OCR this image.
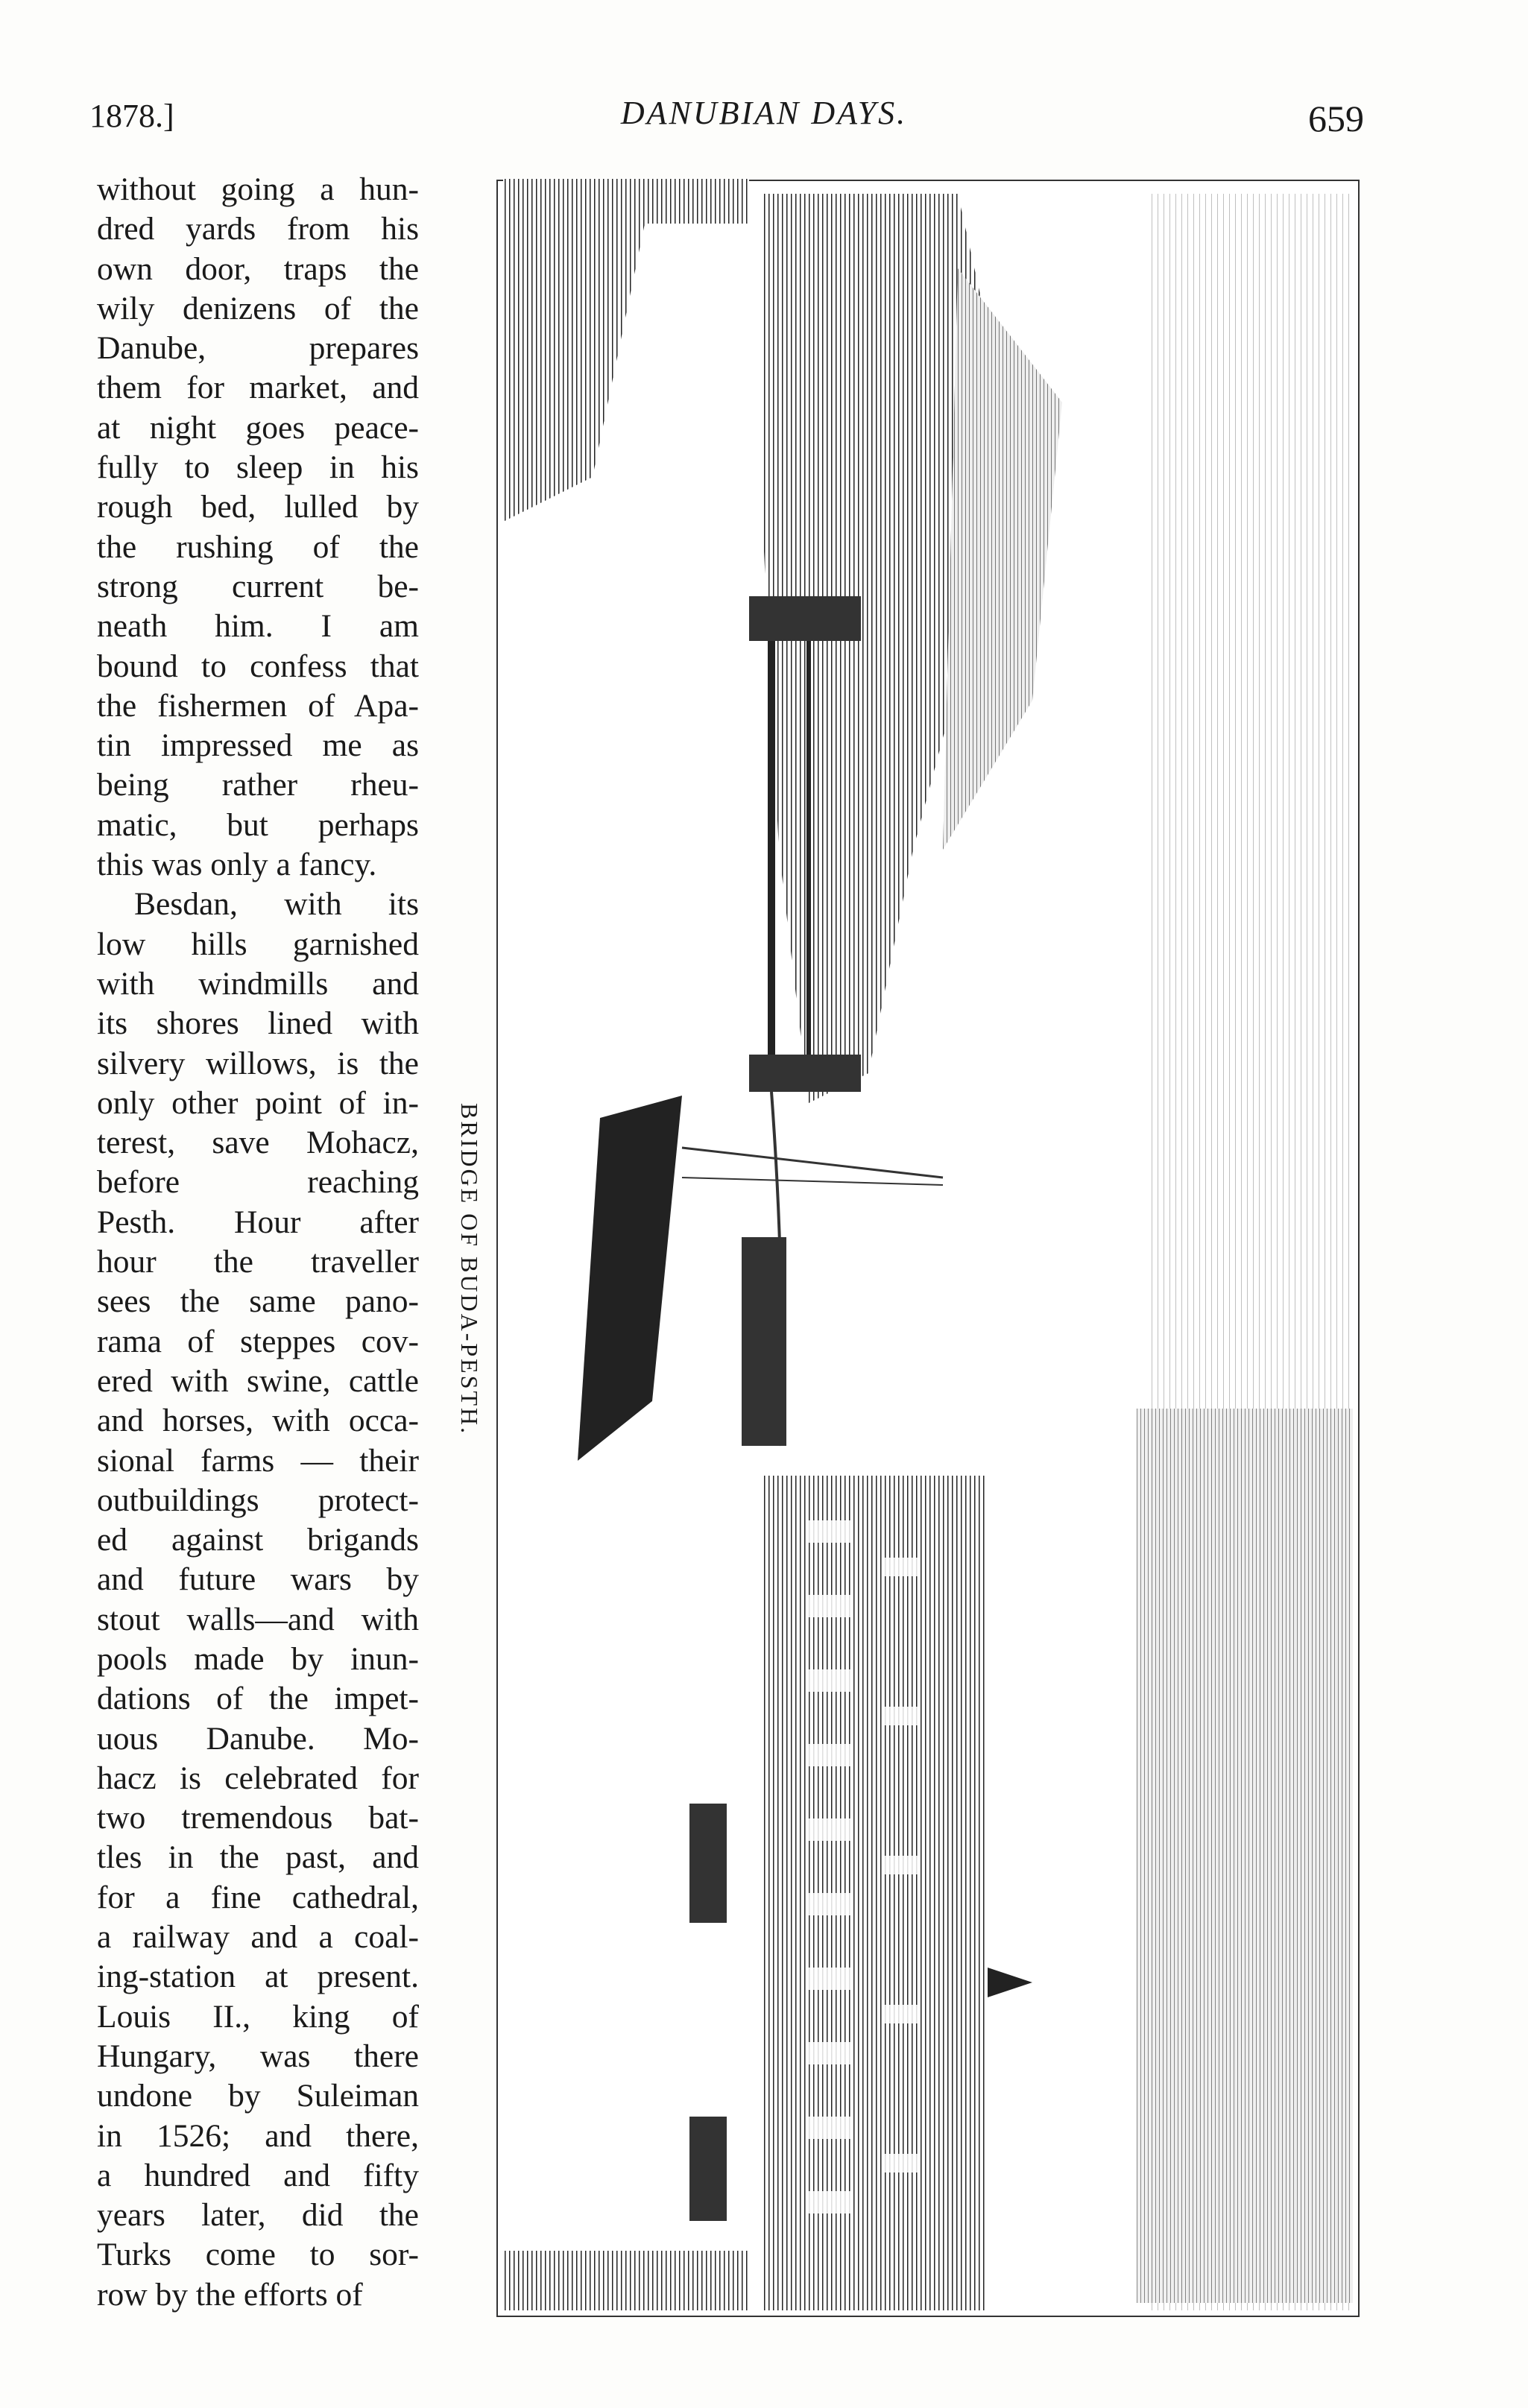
1878.]	DANUBIAN DAYS.	659
without going a hun-
dred yards from his
own door, traps the
wily denizens of the
Danube, prepares
them for market, and
at night goes peace-
fully to sleep in his
rough bed, lulled by
the rushing of the
strong current be-
neath him. I am
bound to confess that
the fishermen of Apa-
tin impressed me as
being rather rheu-
matic, but perhaps
this was only a fancy.
Besdan, with its
low hills garnished
with windmills and
its shores lined with
silvery willows, is the
only other point of in-
terest, save Mohacz,
before reaching
Pesth. Hour after
hour the traveller
sees the same pano-
rama of steppes cov-
ered with swine, cattle
and horses, with occa-
sional farms — their
outbuildings protect-
ed against brigands
and future wars by
stout walls—and with
pools made by inun-
dations of the impet-
uous Danube. Mo-
hacz is celebrated for
two tremendous bat-
tles in the past, and
for a fine cathedral,
a railway and a coal-
ing-station at present.
Louis II., king of
Hungary, was there
undone by Suleiman
in 1526; and there,
a hundred and fifty
years later, did the
Turks come to sor-
row by the efforts of
BRIDGE OF BUDA-PESTH.
